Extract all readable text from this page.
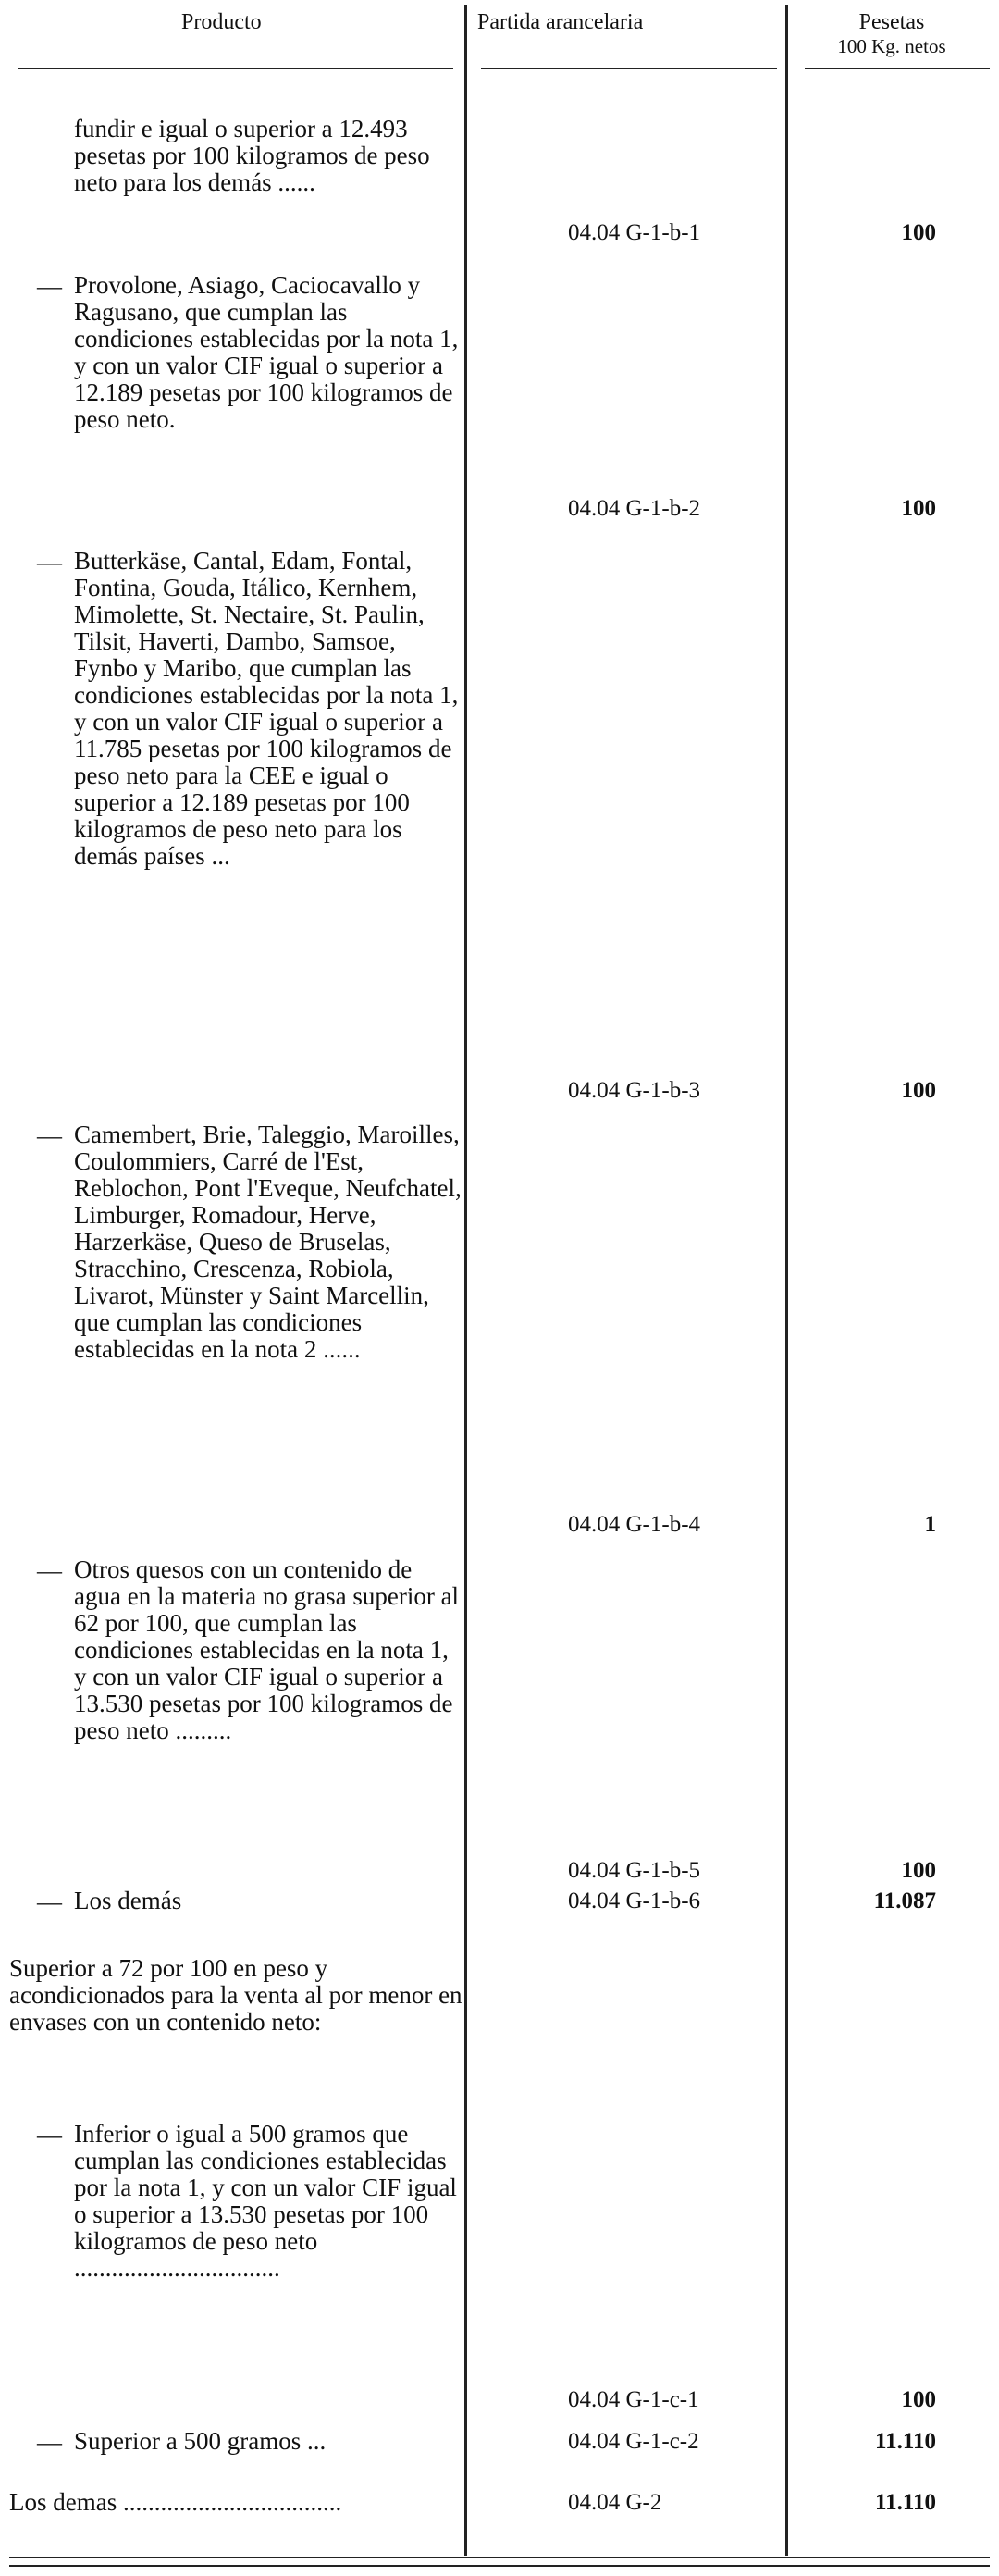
Producto	Partida arancelaria	Pesetas
100 Kg. netos
fundir e igual o superior a 12.493 pesetas por 100 kilogramos de peso neto para los demás ......
04.04 G-1-b-1	100
— Provolone, Asiago, Caciocavallo y Ragusano, que cumplan las condiciones establecidas por la nota 1, y con un valor CIF igual o superior a 12.189 pesetas por 100 kilogramos de peso neto.
04.04 G-1-b-2	100
— Butterkäse, Cantal, Edam, Fontal, Fontina, Gouda, Itálico, Kernhem, Mimolette, St. Nectaire, St. Paulin, Tilsit, Haverti, Dambo, Samsoe, Fynbo y Maribo, que cumplan las condiciones establecidas por la nota 1, y con un valor CIF igual o superior a 11.785 pesetas por 100 kilogramos de peso neto para la CEE e igual o superior a 12.189 pesetas por 100 kilogramos de peso neto para los demás países ...
04.04 G-1-b-3	100
— Camembert, Brie, Taleggio, Maroilles, Coulommiers, Carré de l'Est, Reblochon, Pont l'Eveque, Neufchatel, Limburger, Romadour, Herve, Harzerkäse, Queso de Bruselas, Stracchino, Crescenza, Robiola, Livarot, Münster y Saint Marcellin, que cumplan las condiciones establecidas en la nota 2 ......
04.04 G-1-b-4	1
— Otros quesos con un contenido de agua en la materia no grasa superior al 62 por 100, que cumplan las condiciones establecidas en la nota 1, y con un valor CIF igual o superior a 13.530 pesetas por 100 kilogramos de peso neto .........
04.04 G-1-b-5	100
— Los demás	04.04 G-1-b-6	11.087
Superior a 72 por 100 en peso y acondicionados para la venta al por menor en envases con un contenido neto:
— Inferior o igual a 500 gramos que cumplan las condiciones establecidas por la nota 1, y con un valor CIF igual o superior a 13.530 pesetas por 100 kilogramos de peso neto .................................
04.04 G-1-c-1	100
— Superior a 500 gramos ...	04.04 G-1-c-2	11.110
Los demas ...................................	04.04 G-2	11.110
